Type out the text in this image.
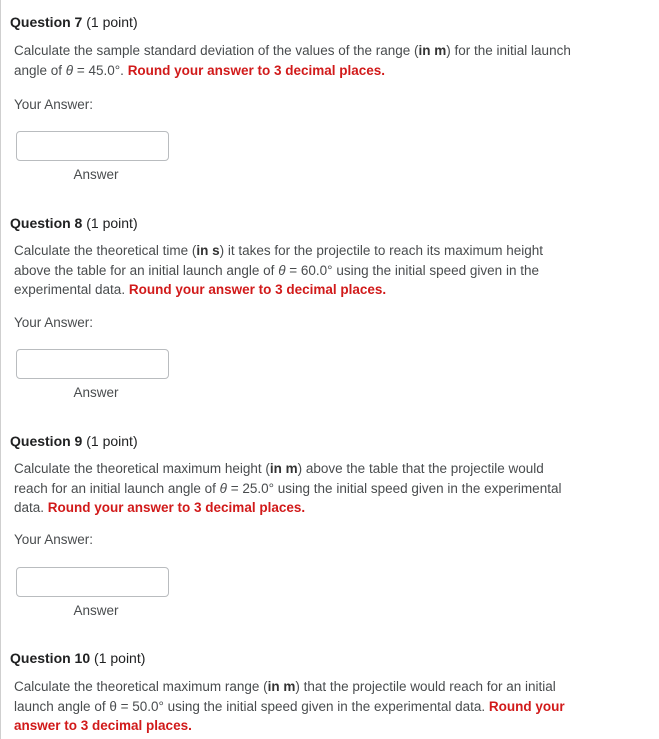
Question 7 (1 point)
Calculate the sample standard deviation of the values of the range (in m) for the initial launch angle of θ = 45.0°. Round your answer to 3 decimal places.
Your Answer:
Answer
Question 8 (1 point)
Calculate the theoretical time (in s) it takes for the projectile to reach its maximum height above the table for an initial launch angle of θ = 60.0° using the initial speed given in the experimental data. Round your answer to 3 decimal places.
Your Answer:
Answer
Question 9 (1 point)
Calculate the theoretical maximum height (in m) above the table that the projectile would reach for an initial launch angle of θ = 25.0° using the initial speed given in the experimental data. Round your answer to 3 decimal places.
Your Answer:
Answer
Question 10 (1 point)
Calculate the theoretical maximum range (in m) that the projectile would reach for an initial launch angle of θ = 50.0° using the initial speed given in the experimental data. Round your answer to 3 decimal places.
